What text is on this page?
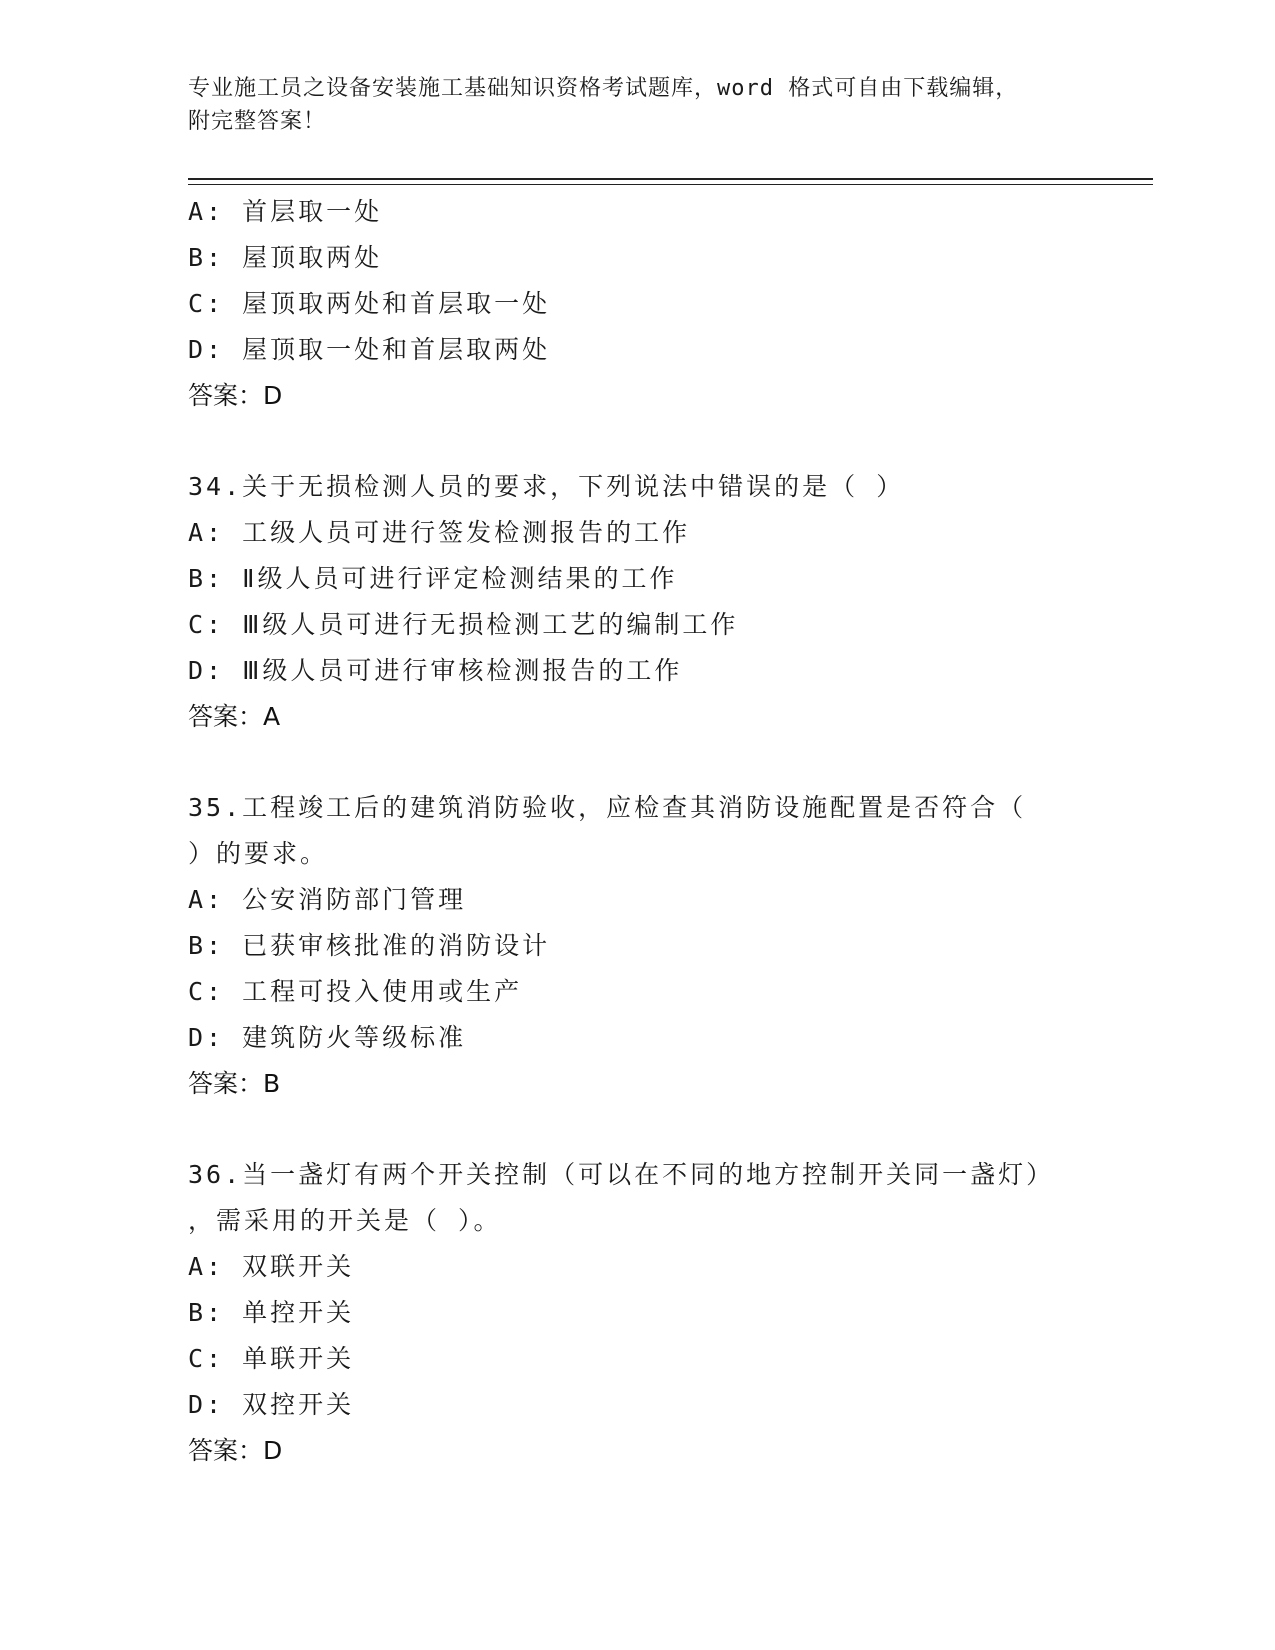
专业施工员之设备安装施工基础知识资格考试题库，word 格式可自由下载编辑，
附完整答案！
A: 首层取一处
B: 屋顶取两处
C: 屋顶取两处和首层取一处
D: 屋顶取一处和首层取两处
答案：D
34.关于无损检测人员的要求，下列说法中错误的是（ ）
A: 工级人员可进行签发检测报告的工作
B: Ⅱ级人员可进行评定检测结果的工作
C: Ⅲ级人员可进行无损检测工艺的编制工作
D: Ⅲ级人员可进行审核检测报告的工作
答案：A
35.工程竣工后的建筑消防验收，应检查其消防设施配置是否符合（
）的要求。
A: 公安消防部门管理
B: 已获审核批准的消防设计
C: 工程可投入使用或生产
D: 建筑防火等级标准
答案：B
36.当一盏灯有两个开关控制（可以在不同的地方控制开关同一盏灯）
，需采用的开关是（ ）。
A: 双联开关
B: 单控开关
C: 单联开关
D: 双控开关
答案：D
